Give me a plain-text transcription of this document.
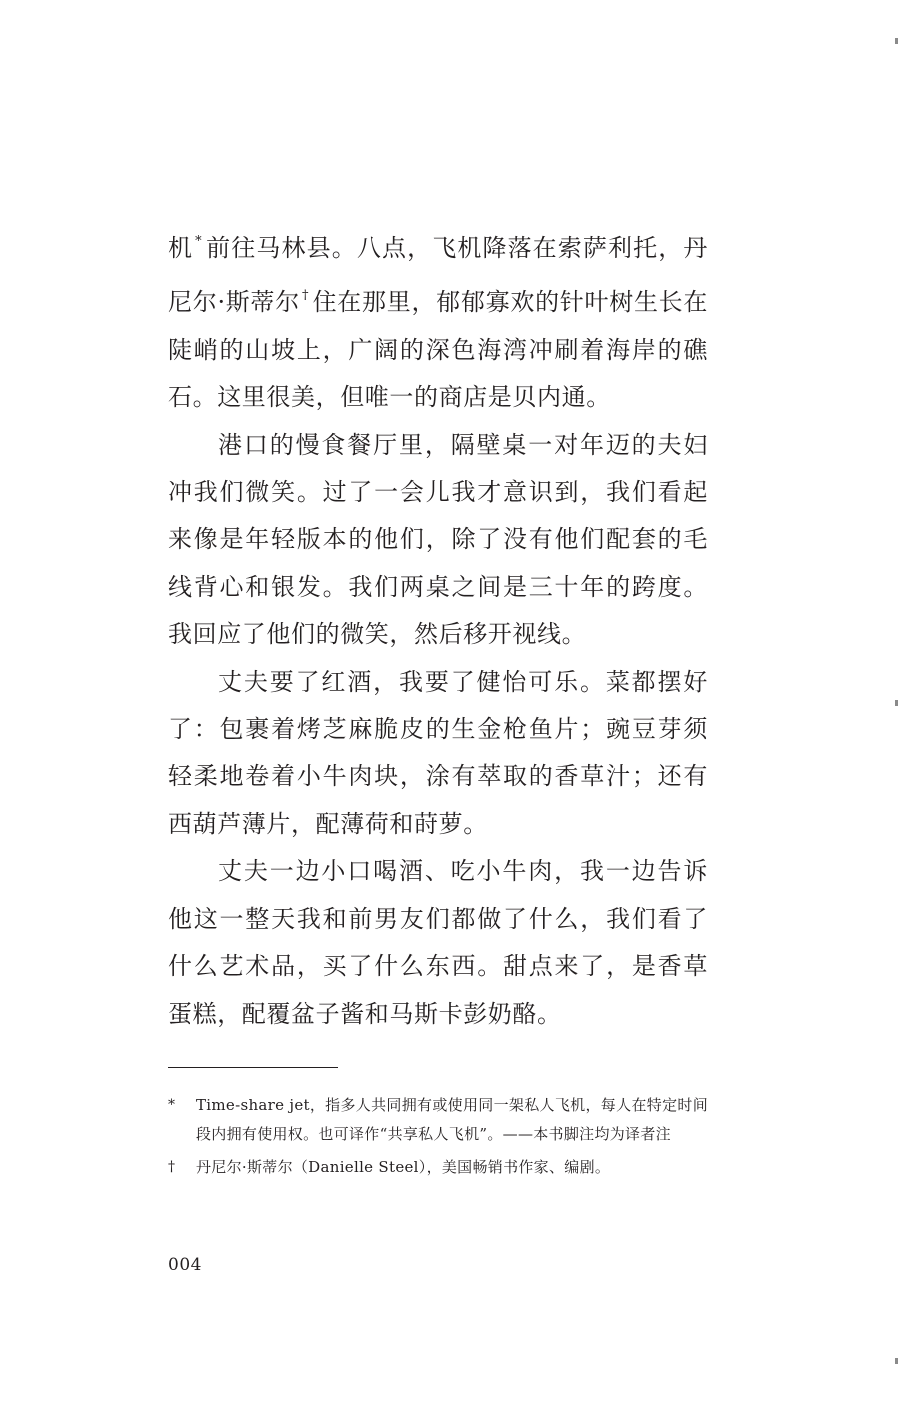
机 * 前往马林县。八点，飞机降落在索萨利托，丹尼尔·斯蒂尔 † 住在那里，郁郁寡欢的针叶树生长在陡峭的山坡上，广阔的深色海湾冲刷着海岸的礁石。这里很美，但唯一的商店是贝内通。

港口的慢食餐厅里，隔壁桌一对年迈的夫妇冲我们微笑。过了一会儿我才意识到，我们看起来像是年轻版本的他们，除了没有他们配套的毛线背心和银发。我们两桌之间是三十年的跨度。我回应了他们的微笑，然后移开视线。

丈夫要了红酒，我要了健怡可乐。菜都摆好了：包裹着烤芝麻脆皮的生金枪鱼片；豌豆芽须轻柔地卷着小牛肉块，涂有萃取的香草汁；还有西葫芦薄片，配薄荷和莳萝。

丈夫一边小口喝酒、吃小牛肉，我一边告诉他这一整天我和前男友们都做了什么，我们看了什么艺术品，买了什么东西。甜点来了，是香草蛋糕，配覆盆子酱和马斯卡彭奶酪。

*	Time-share jet，指多人共同拥有或使用同一架私人飞机，每人在特定时间段内拥有使用权。也可译作“共享私人飞机”。——本书脚注均为译者注
†	丹尼尔·斯蒂尔（Danielle Steel），美国畅销书作家、编剧。
004
